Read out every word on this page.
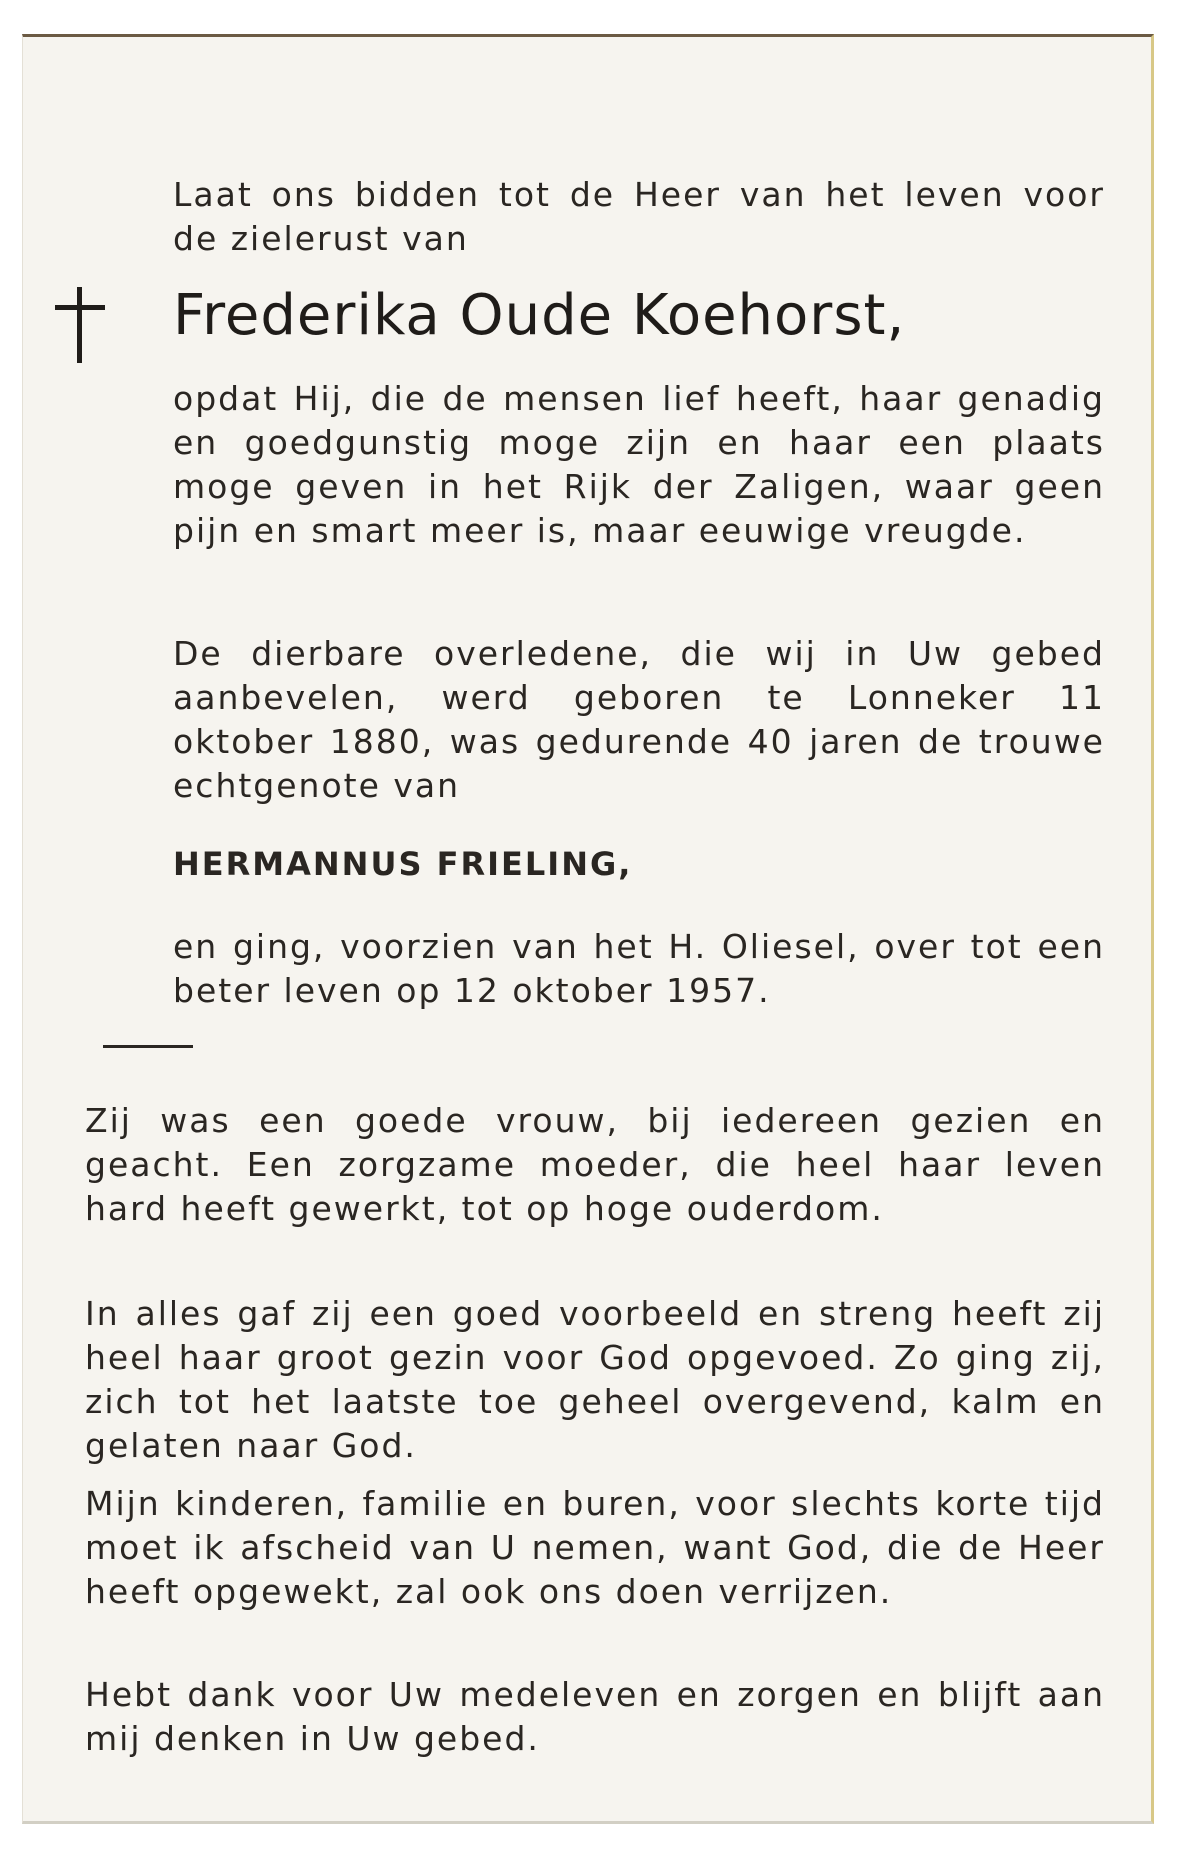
Laat ons bidden tot de Heer van het leven voor de zielerust van

Frederika Oude Koehorst,

opdat Hij, die de mensen lief heeft, haar genadig en goedgunstig moge zijn en haar een plaats moge geven in het Rijk der Zaligen, waar geen pijn en smart meer is, maar eeuwige vreugde.

De dierbare overledene, die wij in Uw gebed aanbevelen, werd geboren te Lonneker 11 oktober 1880, was gedurende 40 jaren de trouwe echtgenote van

HERMANNUS FRIELING,

en ging, voorzien van het H. Oliesel, over tot een beter leven op 12 oktober 1957.

Zij was een goede vrouw, bij iedereen gezien en geacht. Een zorgzame moeder, die heel haar leven hard heeft gewerkt, tot op hoge ouderdom.

In alles gaf zij een goed voorbeeld en streng heeft zij heel haar groot gezin voor God opgevoed. Zo ging zij, zich tot het laatste toe geheel overgevend, kalm en gelaten naar God.

Mijn kinderen, familie en buren, voor slechts korte tijd moet ik afscheid van U nemen, want God, die de Heer heeft opgewekt, zal ook ons doen verrijzen.

Hebt dank voor Uw medeleven en zorgen en blijft aan mij denken in Uw gebed.
